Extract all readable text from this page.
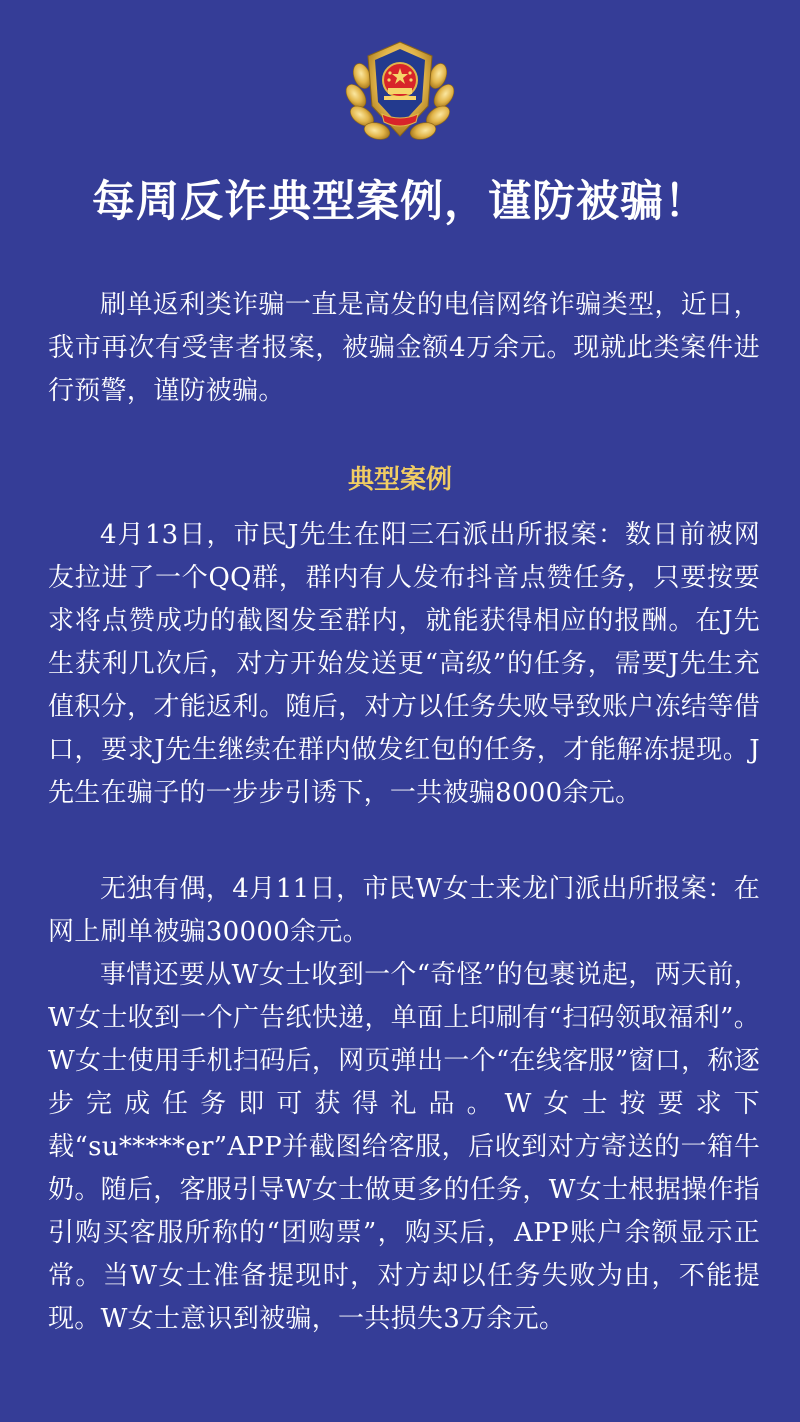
每周反诈典型案例，谨防被骗！

刷单返利类诈骗一直是高发的电信网络诈骗类型，近日，我市再次有受害者报案，被骗金额4万余元。现就此类案件进行预警，谨防被骗。

典型案例

4月13日，市民J先生在阳三石派出所报案：数日前被网友拉进了一个QQ群，群内有人发布抖音点赞任务，只要按要求将点赞成功的截图发至群内，就能获得相应的报酬。在J先生获利几次后，对方开始发送更“高级”的任务，需要J先生充值积分，才能返利。随后，对方以任务失败导致账户冻结等借口，要求J先生继续在群内做发红包的任务，才能解冻提现。J先生在骗子的一步步引诱下，一共被骗8000余元。

无独有偶，4月11日，市民W女士来龙门派出所报案：在网上刷单被骗30000余元。

事情还要从W女士收到一个“奇怪”的包裹说起，两天前，W女士收到一个广告纸快递，单面上印刷有“扫码领取福利”。W女士使用手机扫码后，网页弹出一个“在线客服”窗口，称逐步完成任务即可获得礼品。W女士按要求下载“su*****er”APP并截图给客服，后收到对方寄送的一箱牛奶。随后，客服引导W女士做更多的任务，W女士根据操作指引购买客服所称的“团购票”，购买后，APP账户余额显示正常。当W女士准备提现时，对方却以任务失败为由，不能提现。W女士意识到被骗，一共损失3万余元。
